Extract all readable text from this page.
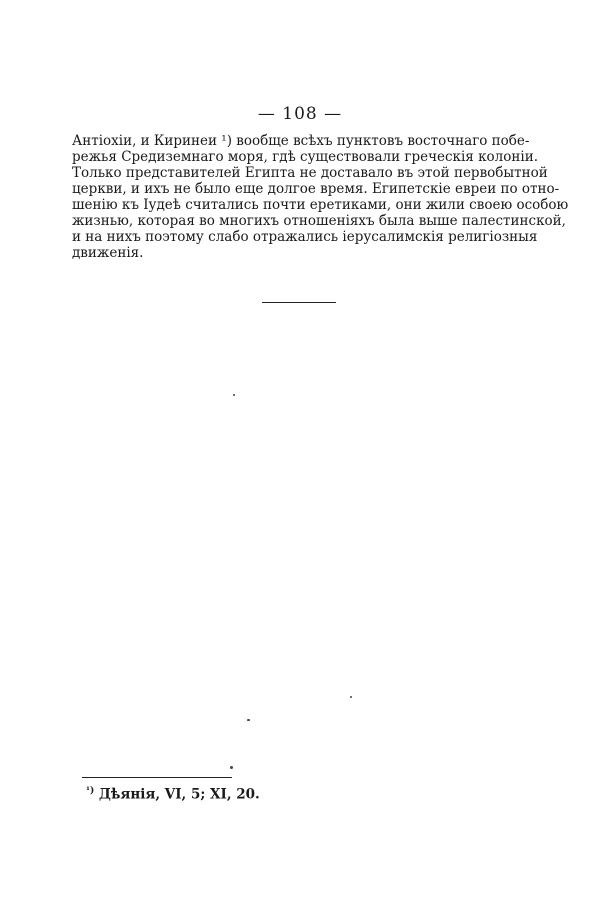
— 108 —
Антіохіи, и Киринеи ¹) вообще всѣхъ пунктовъ восточнаго побе-
режья Средиземнаго моря, гдѣ существовали греческія колоніи.
Только представителей Египта не доставало въ этой первобытной
церкви, и ихъ не было еще долгое время. Египетскіе евреи по отно-
шенію къ Іудеѣ считались почти еретиками, они жили своею особою
жизнью, которая во многихъ отношеніяхъ была выше палестинской,
и на нихъ поэтому слабо отражались іерусалимскія религіозныя
движенія.
$^{^1)}$ Дѣянія, VI, 5; XI, 20.
